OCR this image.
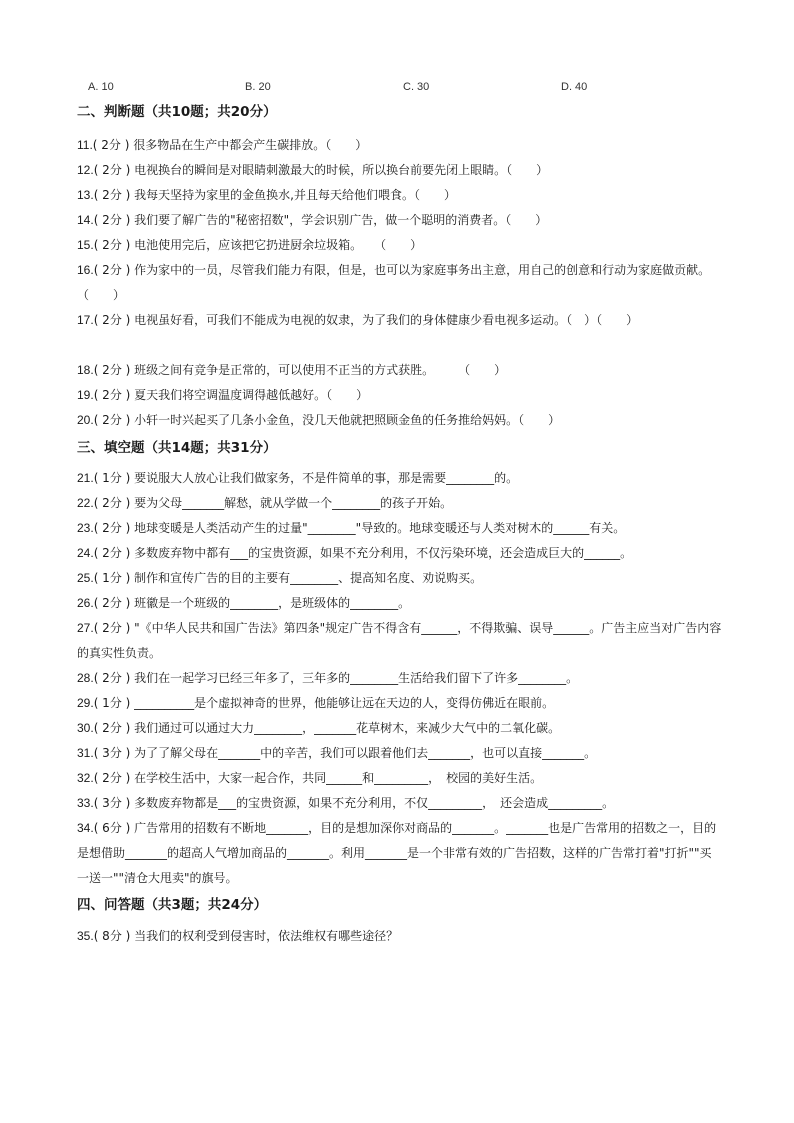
A. 10	B. 20	C. 30	D. 40
二、判断题（共10题；共20分）
11.( 2分 ) 很多物品在生产中都会产生碳排放。（　　）
12.( 2分 ) 电视换台的瞬间是对眼睛刺激最大的时候，所以换台前要先闭上眼睛。（　　）
13.( 2分 ) 我每天坚持为家里的金鱼换水,并且每天给他们喂食。（　　）
14.( 2分 ) 我们要了解广告的"秘密招数"，学会识别广告，做一个聪明的消费者。（　　）
15.( 2分 ) 电池使用完后，应该把它扔进厨余垃圾箱。　　（　　）
16.( 2分 ) 作为家中的一员，尽管我们能力有限，但是，也可以为家庭事务出主意，用自己的创意和行动为家庭做贡献。　　（　　）
17.( 2分 ) 电视虽好看，可我们不能成为电视的奴隶，为了我们的身体健康少看电视多运动。（　）（　　）
18.( 2分 ) 班级之间有竞争是正常的，可以使用不正当的方式获胜。　　　（　　）
19.( 2分 ) 夏天我们将空调温度调得越低越好。（　　）
20.( 2分 ) 小轩一时兴起买了几条小金鱼，没几天他就把照顾金鱼的任务推给妈妈。（　　）
三、填空题（共14题；共31分）
21.( 1分 ) 要说服大人放心让我们做家务，不是件简单的事，那是需要________的。
22.( 2分 ) 要为父母_______解愁，就从学做一个________的孩子开始。
23.( 2分 ) 地球变暖是人类活动产生的过量"________"导致的。地球变暖还与人类对树木的______有关。
24.( 2分 ) 多数废弃物中都有___的宝贵资源，如果不充分利用，不仅污染环境，还会造成巨大的______。
25.( 1分 ) 制作和宣传广告的目的主要有________、提高知名度、劝说购买。
26.( 2分 ) 班徽是一个班级的________，是班级体的________。
27.( 2分 ) "《中华人民共和国广告法》第四条"规定广告不得含有______，不得欺骗、误导______。广告主应当对广告内容的真实性负责。
28.( 2分 ) 我们在一起学习已经三年多了，三年多的________生活给我们留下了许多________。
29.( 1分 ) __________是个虚拟神奇的世界，他能够让远在天边的人，变得仿佛近在眼前。
30.( 2分 ) 我们通过可以通过大力________，_______花草树木，来减少大气中的二氧化碳。
31.( 3分 ) 为了了解父母在_______中的辛苦，我们可以跟着他们去_______，也可以直接_______。
32.( 2分 ) 在学校生活中，大家一起合作，共同______和_________，　校园的美好生活。
33.( 3分 ) 多数废弃物都是___的宝贵资源，如果不充分利用，不仅_________，　还会造成_________。
34.( 6分 ) 广告常用的招数有不断地_______，目的是想加深你对商品的_______。_______也是广告常用的招数之一，目的是想借助_______的超高人气增加商品的_______。利用_______是一个非常有效的广告招数，这样的广告常打着"打折""买一送一""清仓大甩卖"的旗号。
四、问答题（共3题；共24分）
35.( 8分 ) 当我们的权利受到侵害时，依法维权有哪些途径？
